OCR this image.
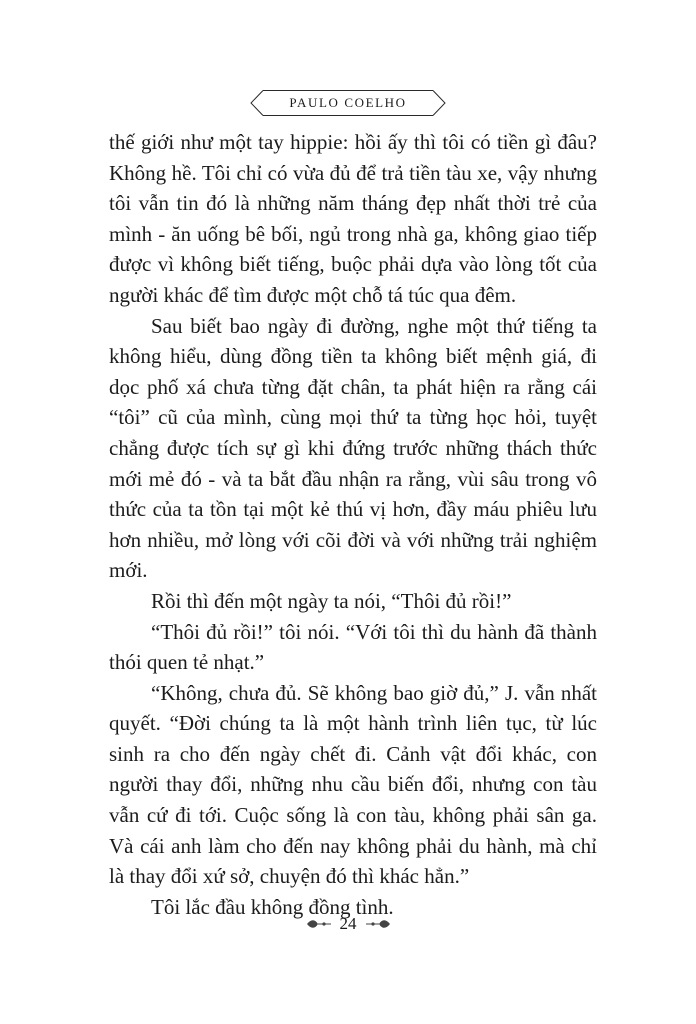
PAULO COELHO

thế giới như một tay hippie: hồi ấy thì tôi có tiền gì đâu? Không hề. Tôi chỉ có vừa đủ để trả tiền tàu xe, vậy nhưng tôi vẫn tin đó là những năm tháng đẹp nhất thời trẻ của mình - ăn uống bê bối, ngủ trong nhà ga, không giao tiếp được vì không biết tiếng, buộc phải dựa vào lòng tốt của người khác để tìm được một chỗ tá túc qua đêm.

Sau biết bao ngày đi đường, nghe một thứ tiếng ta không hiểu, dùng đồng tiền ta không biết mệnh giá, đi dọc phố xá chưa từng đặt chân, ta phát hiện ra rằng cái “tôi” cũ của mình, cùng mọi thứ ta từng học hỏi, tuyệt chẳng được tích sự gì khi đứng trước những thách thức mới mẻ đó - và ta bắt đầu nhận ra rằng, vùi sâu trong vô thức của ta tồn tại một kẻ thú vị hơn, đầy máu phiêu lưu hơn nhiều, mở lòng với cõi đời và với những trải nghiệm mới.

Rồi thì đến một ngày ta nói, “Thôi đủ rồi!”

“Thôi đủ rồi!” tôi nói. “Với tôi thì du hành đã thành thói quen tẻ nhạt.”

“Không, chưa đủ. Sẽ không bao giờ đủ,” J. vẫn nhất quyết. “Đời chúng ta là một hành trình liên tục, từ lúc sinh ra cho đến ngày chết đi. Cảnh vật đổi khác, con người thay đổi, những nhu cầu biến đổi, nhưng con tàu vẫn cứ đi tới. Cuộc sống là con tàu, không phải sân ga. Và cái anh làm cho đến nay không phải du hành, mà chỉ là thay đổi xứ sở, chuyện đó thì khác hẳn.”

Tôi lắc đầu không đồng tình.

24
